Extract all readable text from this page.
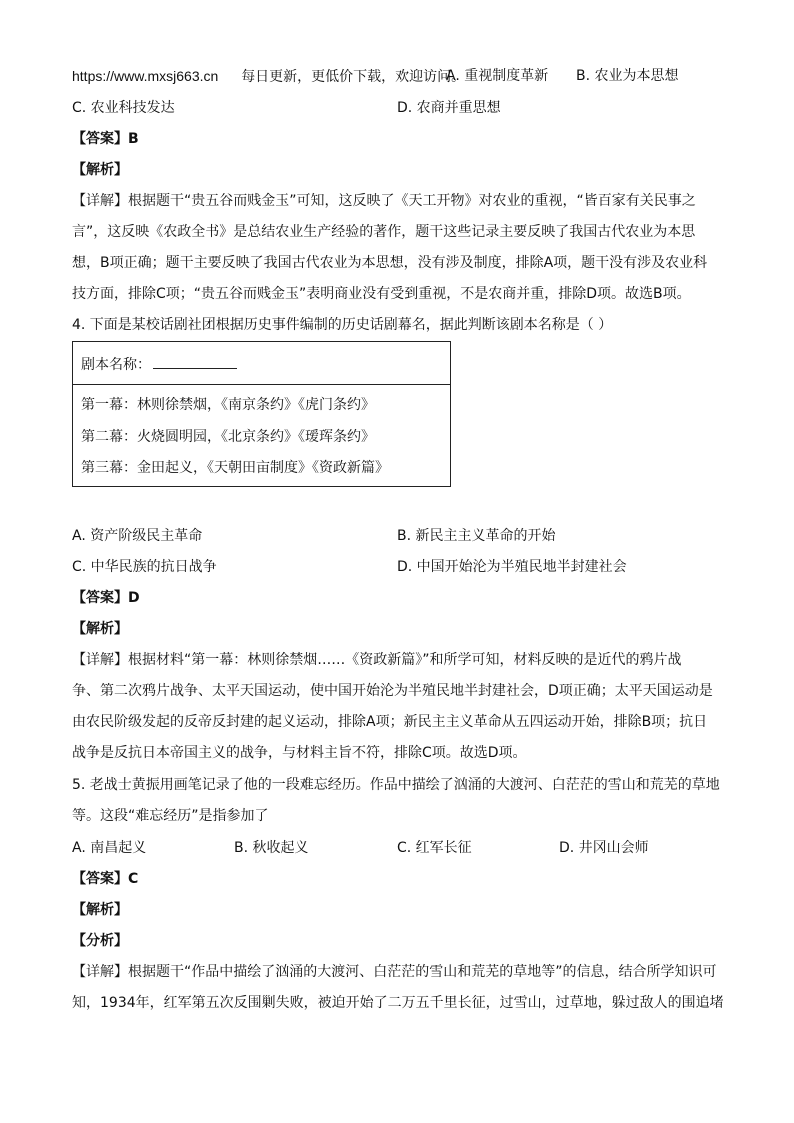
https://www.mxsj663.cn 每日更新，更低价下载，欢迎访问。
A. 重视制度革新 B. 农业为本思想
C. 农业科技发达	D. 农商并重思想
【答案】B
【解析】
【详解】根据题干“贵五谷而贱金玉”可知，这反映了《天工开物》对农业的重视，“皆百家有关民事之
言”，这反映《农政全书》是总结农业生产经验的著作，题干这些记录主要反映了我国古代农业为本思
想，B项正确；题干主要反映了我国古代农业为本思想，没有涉及制度，排除A项，题干没有涉及农业科
技方面，排除C项；“贵五谷而贱金玉”表明商业没有受到重视，不是农商并重，排除D项。故选B项。
4. 下面是某校话剧社团根据历史事件编制的历史话剧幕名，据此判断该剧本名称是（ ）
剧本名称：
第一幕：林则徐禁烟，《南京条约》《虎门条约》
第二幕：火烧圆明园，《北京条约》《瑷珲条约》
第三幕：金田起义，《天朝田亩制度》《资政新篇》
A. 资产阶级民主革命	B. 新民主主义革命的开始
C. 中华民族的抗日战争	D. 中国开始沦为半殖民地半封建社会
【答案】D
【解析】
【详解】根据材料“第一幕：林则徐禁烟……《资政新篇》”和所学可知，材料反映的是近代的鸦片战
争、第二次鸦片战争、太平天国运动，使中国开始沦为半殖民地半封建社会，D项正确；太平天国运动是
由农民阶级发起的反帝反封建的起义运动，排除A项；新民主主义革命从五四运动开始，排除B项；抗日
战争是反抗日本帝国主义的战争，与材料主旨不符，排除C项。故选D项。
5. 老战士黄振用画笔记录了他的一段难忘经历。作品中描绘了汹涌的大渡河、白茫茫的雪山和荒芜的草地
等。这段“难忘经历”是指参加了
A. 南昌起义	B. 秋收起义	C. 红军长征	D. 井冈山会师
【答案】C
【解析】
【分析】
【详解】根据题干“作品中描绘了汹涌的大渡河、白茫茫的雪山和荒芜的草地等”的信息，结合所学知识可
知，1934年，红军第五次反围剿失败，被迫开始了二万五千里长征，过雪山，过草地，躲过敌人的围追堵
